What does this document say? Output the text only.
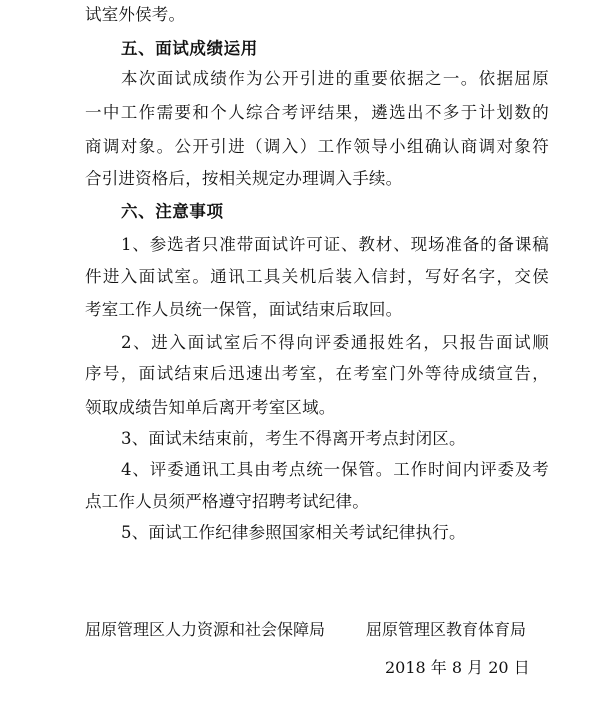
试室外侯考。
五、面试成绩运用
本次面试成绩作为公开引进的重要依据之一。依据屈原
一中工作需要和个人综合考评结果，遴选出不多于计划数的
商调对象。公开引进（调入）工作领导小组确认商调对象符
合引进资格后，按相关规定办理调入手续。
六、注意事项
1、参选者只准带面试许可证、教材、现场准备的备课稿
件进入面试室。通讯工具关机后装入信封，写好名字，交侯
考室工作人员统一保管，面试结束后取回。
2、进入面试室后不得向评委通报姓名，只报告面试顺
序号，面试结束后迅速出考室，在考室门外等待成绩宣告，
领取成绩告知单后离开考室区域。
3、面试未结束前，考生不得离开考点封闭区。
4、评委通讯工具由考点统一保管。工作时间内评委及考
点工作人员须严格遵守招聘考试纪律。
5、面试工作纪律参照国家相关考试纪律执行。
屈原管理区人力资源和社会保障局	屈原管理区教育体育局
2018 年 8 月 20 日
